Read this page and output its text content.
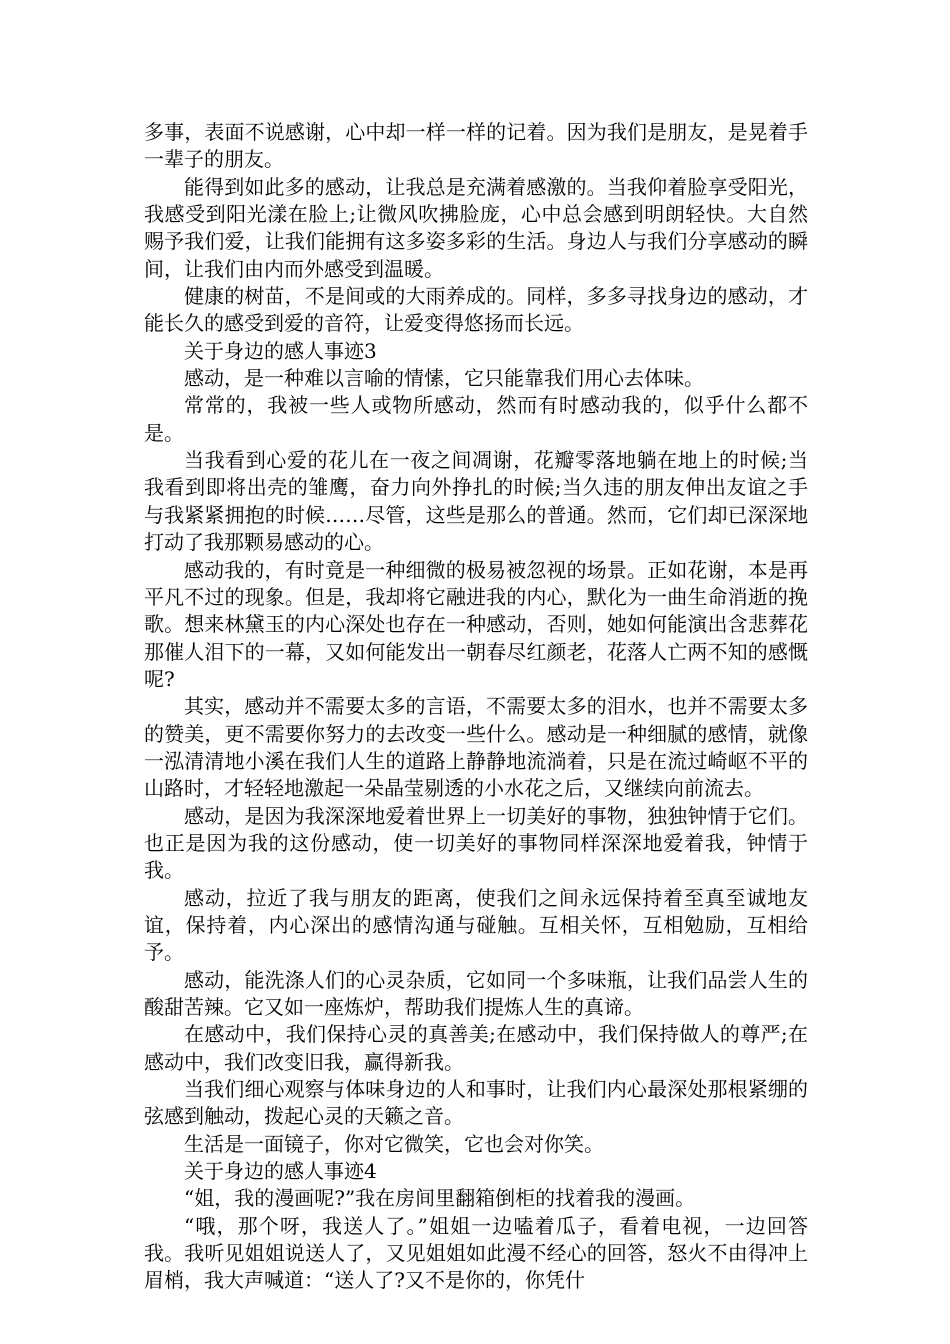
多事，表面不说感谢，心中却一样一样的记着。因为我们是朋友，是晃着手一辈子的朋友。

能得到如此多的感动，让我总是充满着感激的。当我仰着脸享受阳光，我感受到阳光漾在脸上;让微风吹拂脸庞，心中总会感到明朗轻快。大自然赐予我们爱，让我们能拥有这多姿多彩的生活。身边人与我们分享感动的瞬间，让我们由内而外感受到温暖。

健康的树苗，不是间或的大雨养成的。同样，多多寻找身边的感动，才能长久的感受到爱的音符，让爱变得悠扬而长远。

关于身边的感人事迹3

感动，是一种难以言喻的情愫，它只能靠我们用心去体味。

常常的，我被一些人或物所感动，然而有时感动我的，似乎什么都不是。

当我看到心爱的花儿在一夜之间凋谢，花瓣零落地躺在地上的时候;当我看到即将出壳的雏鹰，奋力向外挣扎的时候;当久违的朋友伸出友谊之手与我紧紧拥抱的时候……尽管，这些是那么的普通。然而，它们却已深深地打动了我那颗易感动的心。

感动我的，有时竟是一种细微的极易被忽视的场景。正如花谢，本是再平凡不过的现象。但是，我却将它融进我的内心，默化为一曲生命消逝的挽歌。想来林黛玉的内心深处也存在一种感动，否则，她如何能演出含悲葬花那催人泪下的一幕，又如何能发出一朝春尽红颜老，花落人亡两不知的感慨呢?

其实，感动并不需要太多的言语，不需要太多的泪水，也并不需要太多的赞美，更不需要你努力的去改变一些什么。感动是一种细腻的感情，就像一泓清清地小溪在我们人生的道路上静静地流淌着，只是在流过崎岖不平的山路时，才轻轻地激起一朵晶莹剔透的小水花之后，又继续向前流去。

感动，是因为我深深地爱着世界上一切美好的事物，独独钟情于它们。也正是因为我的这份感动，使一切美好的事物同样深深地爱着我，钟情于我。

感动，拉近了我与朋友的距离，使我们之间永远保持着至真至诚地友谊，保持着，内心深出的感情沟通与碰触。互相关怀，互相勉励，互相给予。

感动，能洗涤人们的心灵杂质，它如同一个多味瓶，让我们品尝人生的酸甜苦辣。它又如一座炼炉，帮助我们提炼人生的真谛。

在感动中，我们保持心灵的真善美;在感动中，我们保持做人的尊严;在感动中，我们改变旧我，赢得新我。

当我们细心观察与体味身边的人和事时，让我们内心最深处那根紧绷的弦感到触动，拨起心灵的天籁之音。

生活是一面镜子，你对它微笑，它也会对你笑。

关于身边的感人事迹4

“姐，我的漫画呢?”我在房间里翻箱倒柜的找着我的漫画。

“哦，那个呀，我送人了。”姐姐一边嗑着瓜子，看着电视，一边回答我。我听见姐姐说送人了，又见姐姐如此漫不经心的回答，怒火不由得冲上眉梢，我大声喊道：“送人了?又不是你的，你凭什
